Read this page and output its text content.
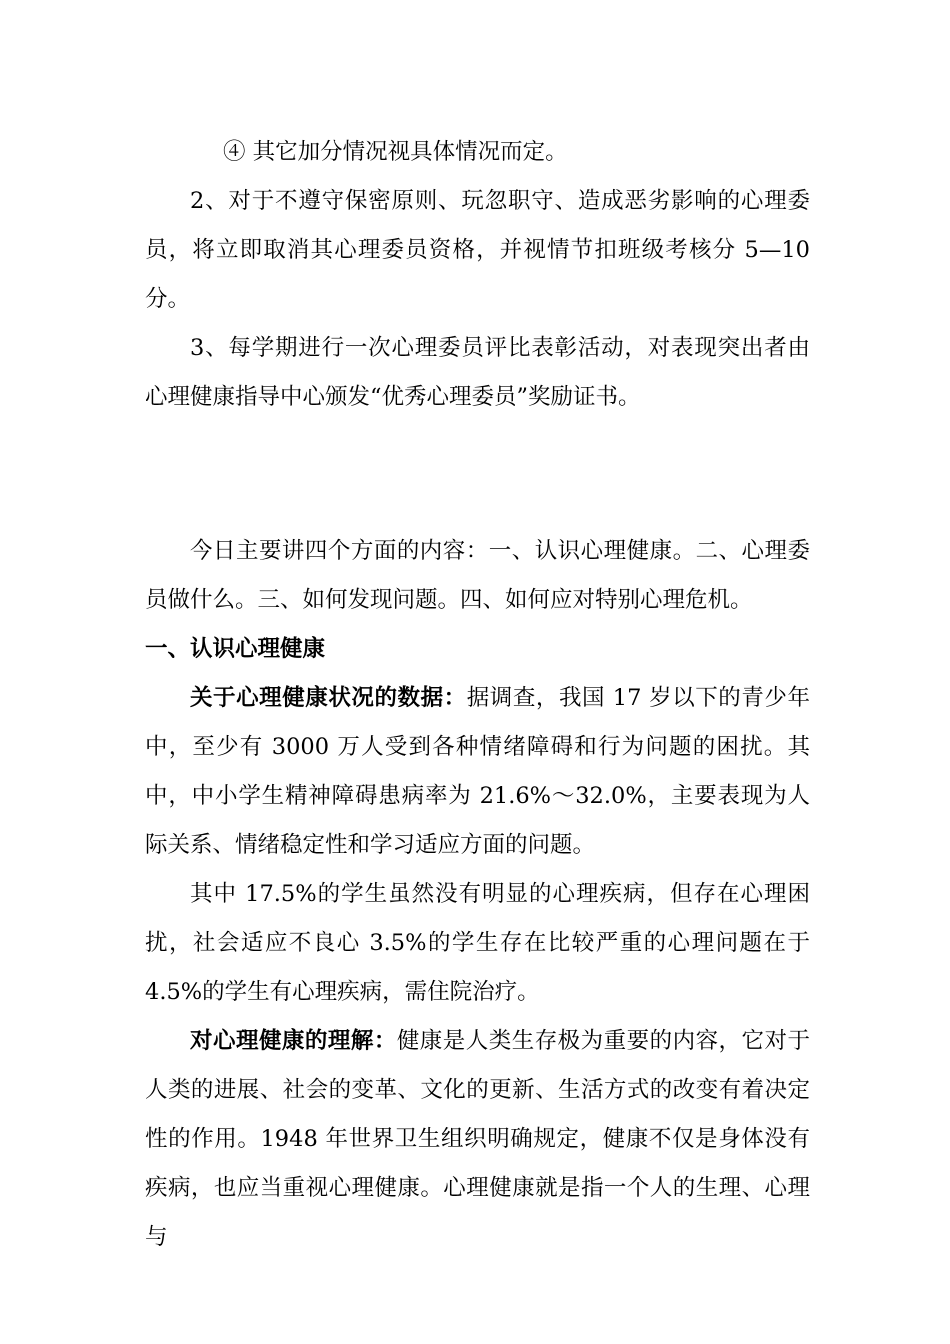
④ 其它加分情况视具体情况而定。

2、对于不遵守保密原则、玩忽职守、造成恶劣影响的心理委员，将立即取消其心理委员资格，并视情节扣班级考核分 5—10 分。

3、每学期进行一次心理委员评比表彰活动，对表现突出者由心理健康指导中心颁发“优秀心理委员”奖励证书。

今日主要讲四个方面的内容：一、认识心理健康。二、心理委员做什么。三、如何发现问题。四、如何应对特别心理危机。

一、认识心理健康

关于心理健康状况的数据：据调查，我国 17 岁以下的青少年中，至少有 3000 万人受到各种情绪障碍和行为问题的困扰。其中，中小学生精神障碍患病率为 21.6%～32.0%，主要表现为人际关系、情绪稳定性和学习适应方面的问题。

其中 17.5%的学生虽然没有明显的心理疾病，但存在心理困扰，社会适应不良心 3.5%的学生存在比较严重的心理问题在于 4.5%的学生有心理疾病，需住院治疗。

对心理健康的理解：健康是人类生存极为重要的内容，它对于人类的进展、社会的变革、文化的更新、生活方式的改变有着决定性的作用。1948 年世界卫生组织明确规定，健康不仅是身体没有疾病，也应当重视心理健康。心理健康就是指一个人的生理、心理与
